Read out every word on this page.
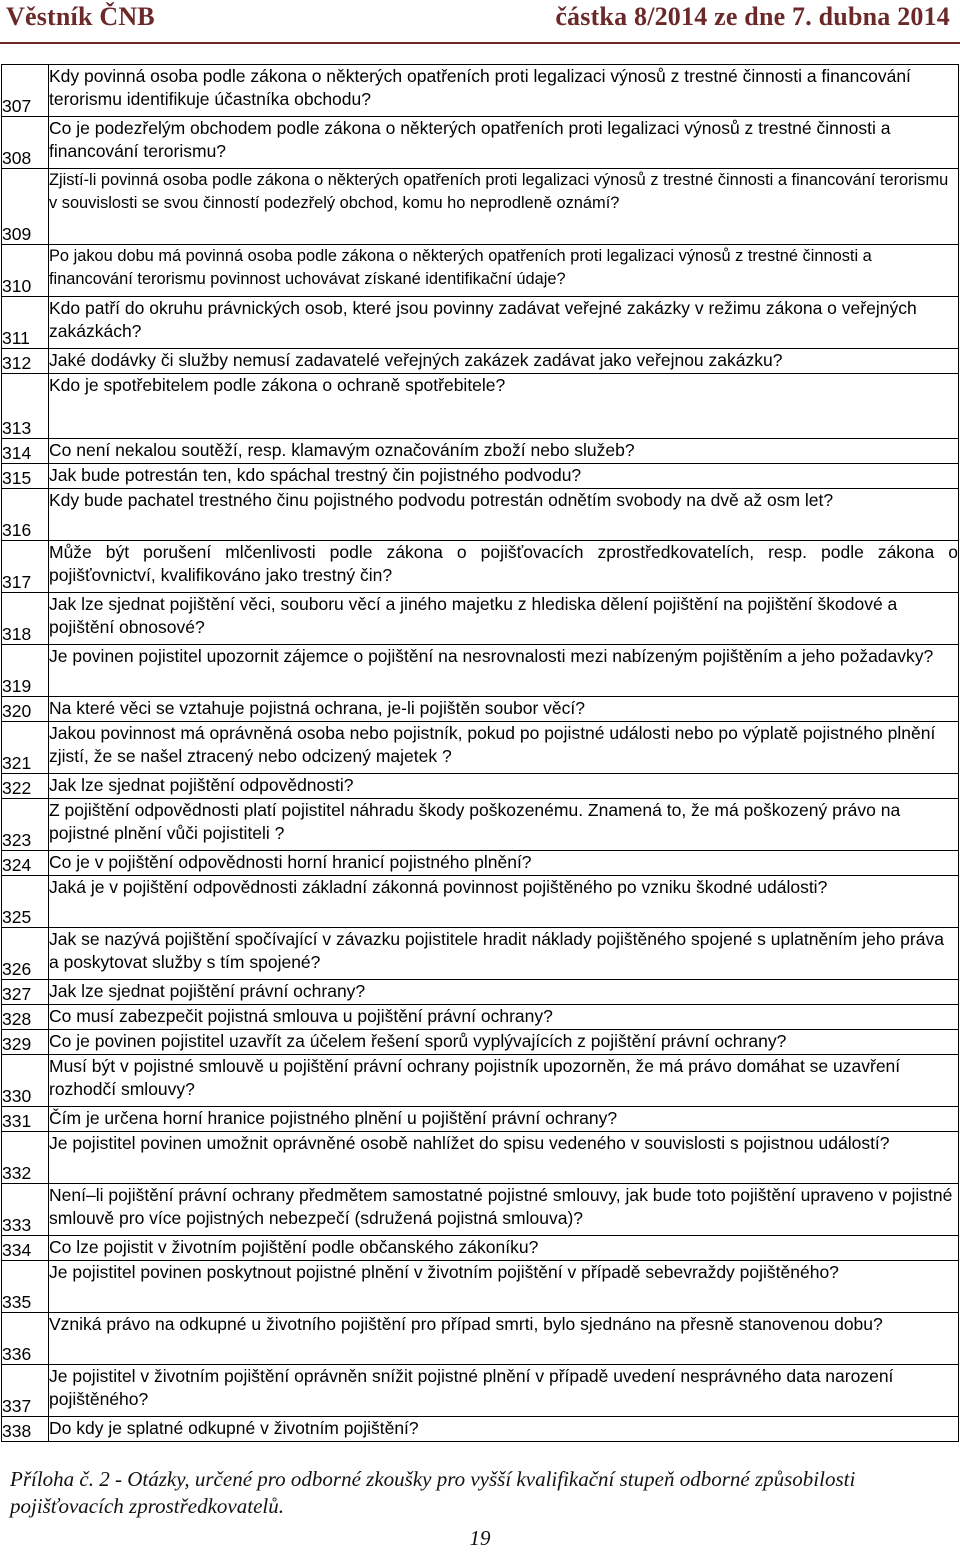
Věstník ČNB	částka 8/2014 ze dne 7. dubna 2014
307	Kdy povinná osoba podle zákona o některých opatřeních proti legalizaci výnosů z trestné činnosti a financování terorismu identifikuje účastníka obchodu?
308	Co je podezřelým obchodem podle zákona o některých opatřeních proti legalizaci výnosů z trestné činnosti a financování terorismu?
309	Zjistí-li povinná osoba podle zákona o některých opatřeních proti legalizaci výnosů z trestné činnosti a financování terorismu v souvislosti se svou činností podezřelý obchod, komu ho neprodleně oznámí?
310	Po jakou dobu má povinná osoba podle zákona o některých opatřeních proti legalizaci výnosů z trestné činnosti a financování terorismu povinnost uchovávat získané identifikační údaje?
311	Kdo patří do okruhu právnických osob, které jsou povinny zadávat veřejné zakázky v režimu zákona o veřejných zakázkách?
312	Jaké dodávky či služby nemusí zadavatelé veřejných zakázek zadávat jako veřejnou zakázku?
313	Kdo je spotřebitelem podle zákona o ochraně spotřebitele?
314	Co není nekalou soutěží, resp. klamavým označováním zboží nebo služeb?
315	Jak bude potrestán ten, kdo spáchal trestný čin pojistného podvodu?
316	Kdy bude pachatel trestného činu pojistného podvodu potrestán odnětím svobody na dvě až osm let?
317	Může být porušení mlčenlivosti podle zákona o pojišťovacích zprostředkovatelích, resp. podle zákona o pojišťovnictví, kvalifikováno jako trestný čin?
318	Jak lze sjednat pojištění věci, souboru věcí a jiného majetku z hlediska dělení pojištění na pojištění škodové a pojištění obnosové?
319	Je povinen pojistitel upozornit zájemce o pojištění na nesrovnalosti mezi nabízeným pojištěním a jeho požadavky?
320	Na které věci se vztahuje pojistná ochrana, je-li pojištěn soubor věcí?
321	Jakou povinnost má oprávněná osoba nebo pojistník, pokud po pojistné události nebo po výplatě pojistného plnění zjistí, že se našel ztracený nebo odcizený majetek ?
322	Jak lze sjednat pojištění odpovědnosti?
323	Z pojištění odpovědnosti platí pojistitel náhradu škody poškozenému. Znamená to, že má poškozený právo na pojistné plnění vůči pojistiteli ?
324	Co je v pojištění odpovědnosti horní hranicí pojistného plnění?
325	Jaká je v pojištění odpovědnosti základní zákonná povinnost pojištěného po vzniku škodné události?
326	Jak se nazývá pojištění spočívající v závazku pojistitele hradit náklady pojištěného spojené s uplatněním jeho práva a poskytovat služby s tím spojené?
327	Jak lze sjednat pojištění právní ochrany?
328	Co musí zabezpečit pojistná smlouva u pojištění právní ochrany?
329	Co je povinen pojistitel uzavřít za účelem řešení sporů vyplývajících z pojištění právní ochrany?
330	Musí být v pojistné smlouvě u pojištění právní ochrany pojistník upozorněn, že má právo domáhat se uzavření rozhodčí smlouvy?
331	Čím je určena horní hranice pojistného plnění u pojištění právní ochrany?
332	Je pojistitel povinen umožnit oprávněné osobě nahlížet do spisu vedeného v souvislosti s pojistnou událostí?
333	Není–li pojištění právní ochrany předmětem samostatné pojistné smlouvy, jak bude toto pojištění upraveno v pojistné smlouvě pro více pojistných nebezpečí (sdružená pojistná smlouva)?
334	Co lze pojistit v životním pojištění podle občanského zákoníku?
335	Je pojistitel povinen poskytnout pojistné plnění v životním pojištění v případě sebevraždy pojištěného?
336	Vzniká právo na odkupné u životního pojištění pro případ smrti, bylo sjednáno na přesně stanovenou dobu?
337	Je pojistitel v životním pojištění oprávněn snížit pojistné plnění v případě uvedení nesprávného data narození pojištěného?
338	Do kdy je splatné odkupné v životním pojištění?
Příloha č. 2 - Otázky, určené pro odborné zkoušky pro vyšší kvalifikační stupeň odborné způsobilosti pojišťovacích zprostředkovatelů.
19
